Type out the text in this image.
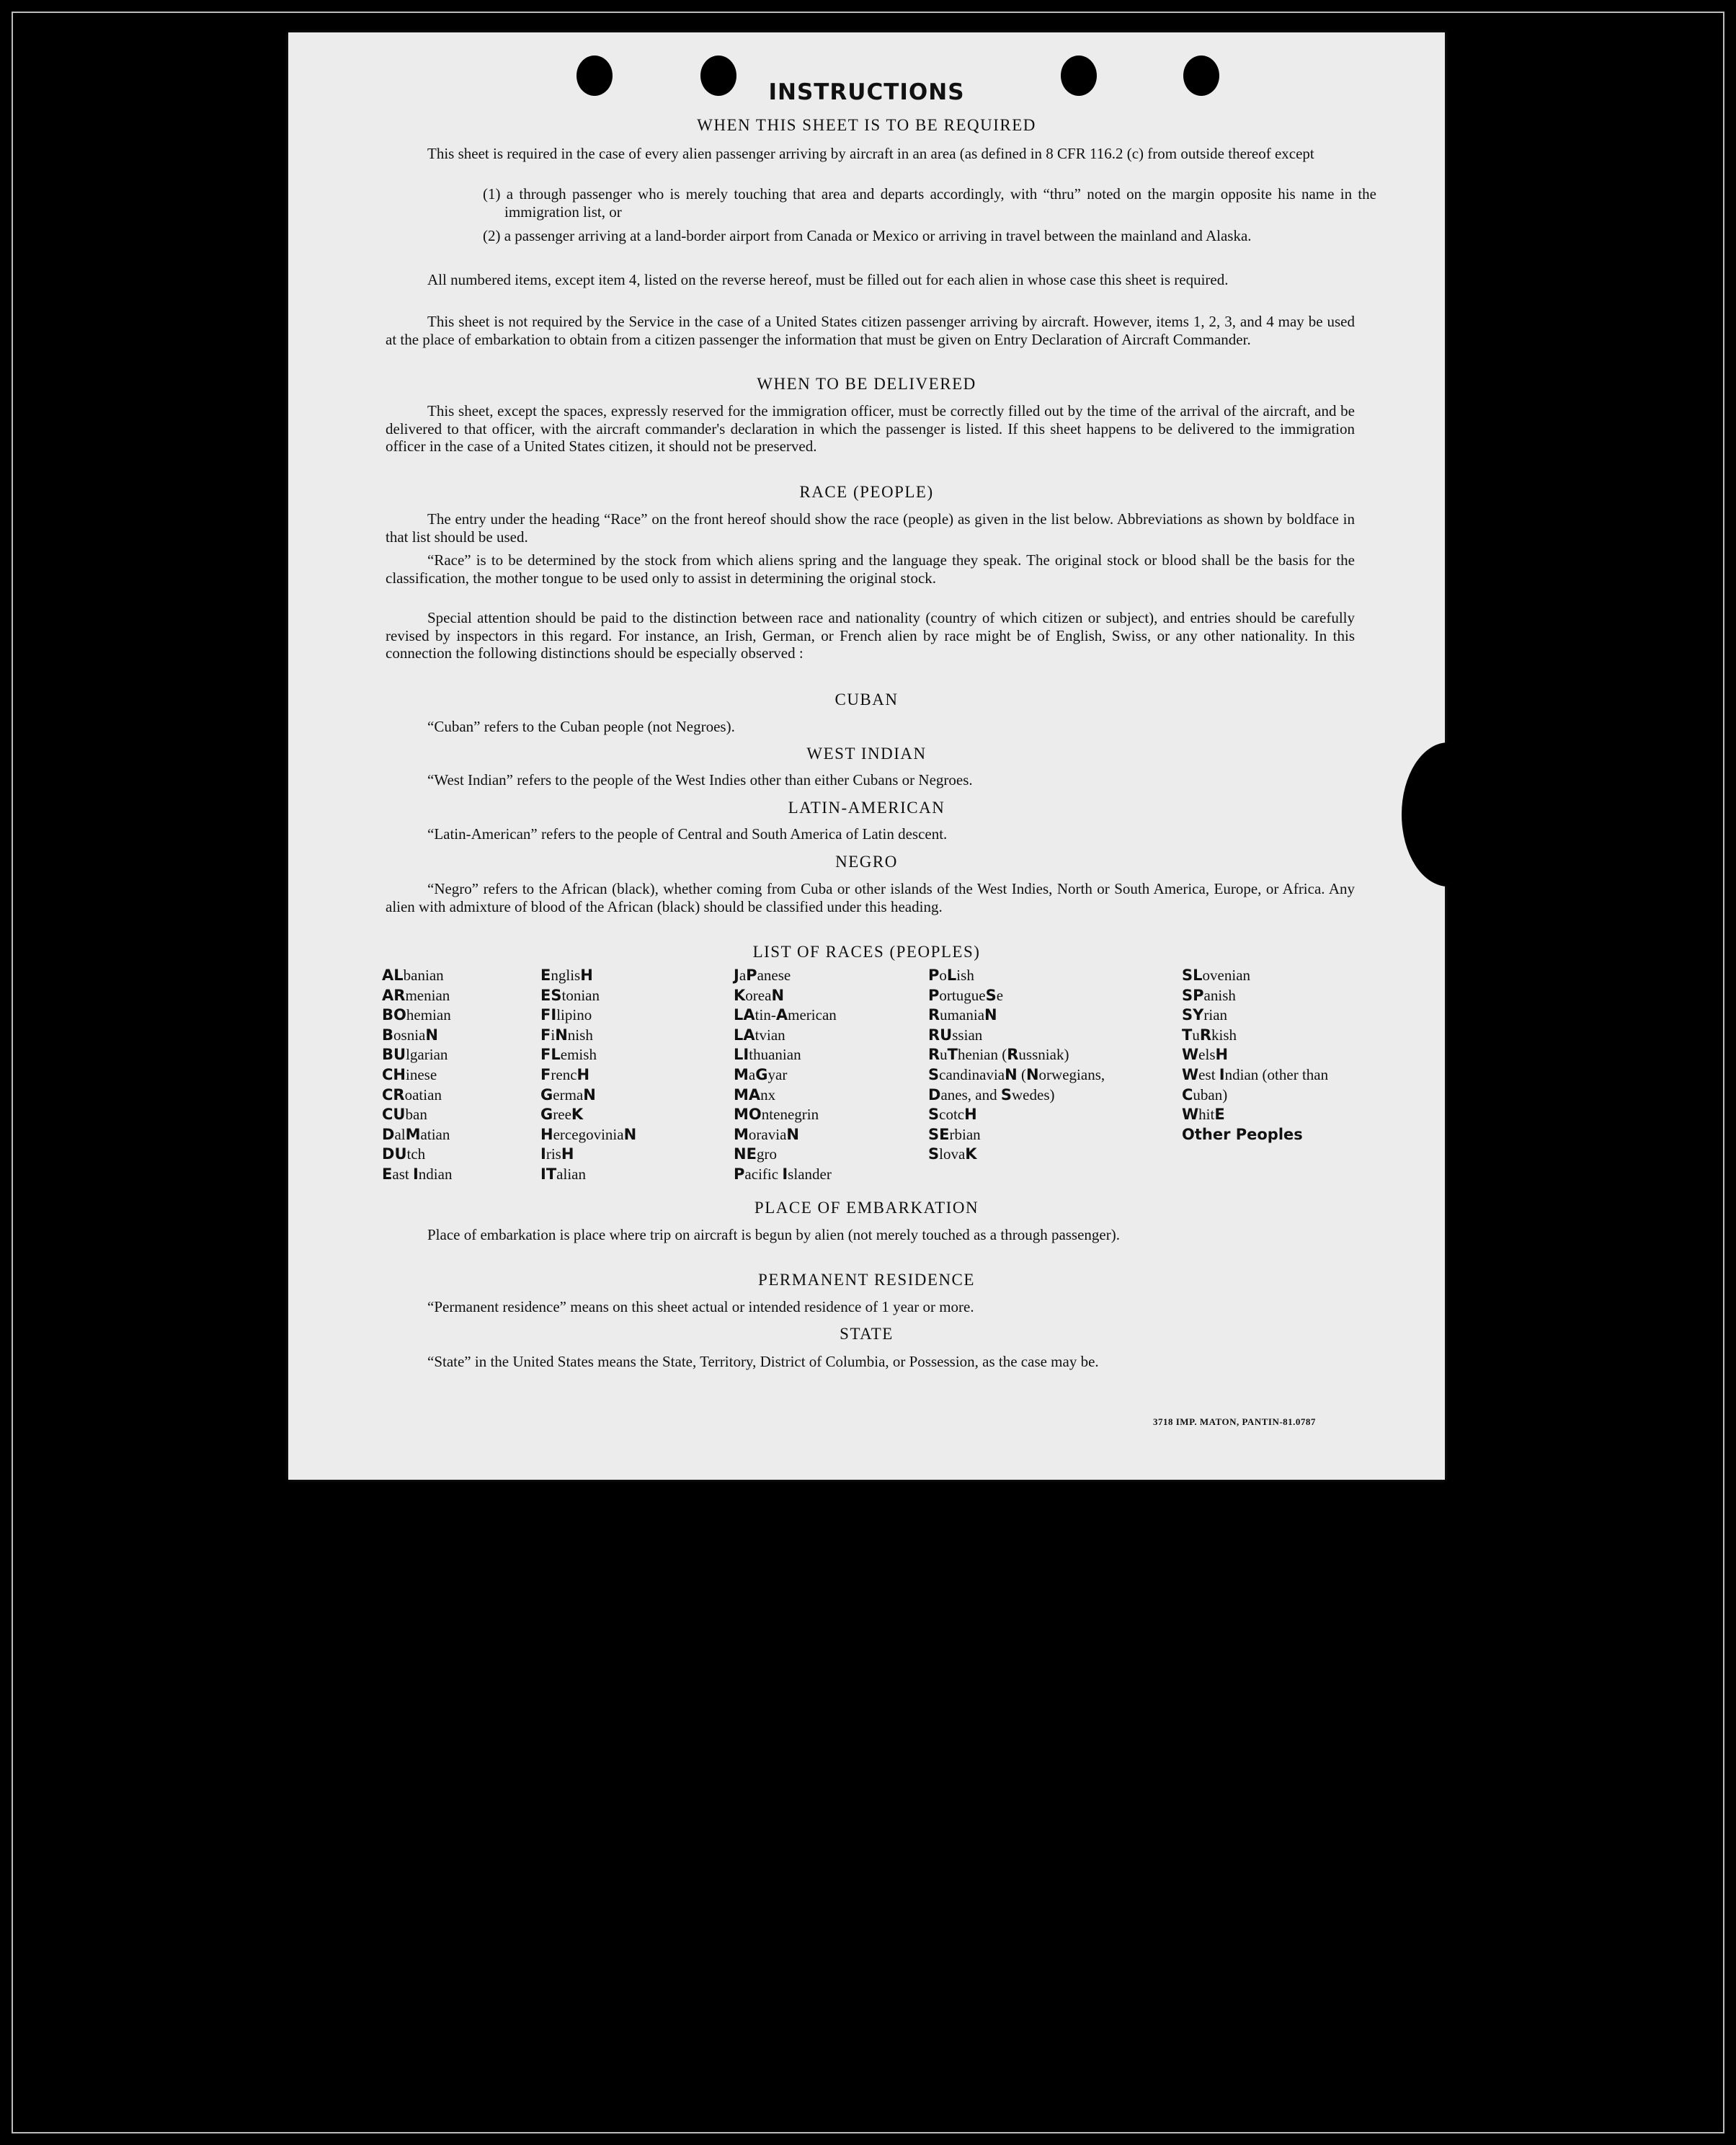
INSTRUCTIONS
WHEN THIS SHEET IS TO BE REQUIRED
This sheet is required in the case of every alien passenger arriving by aircraft in an area (as defined in 8 CFR 116.2 (c) from outside thereof except
(1) a through passenger who is merely touching that area and departs accordingly, with “thru” noted on the margin opposite his name in the immigration list, or
(2) a passenger arriving at a land-border airport from Canada or Mexico or arriving in travel between the mainland and Alaska.
All numbered items, except item 4, listed on the reverse hereof, must be filled out for each alien in whose case this sheet is required.
This sheet is not required by the Service in the case of a United States citizen passenger arriving by aircraft. However, items 1, 2, 3, and 4 may be used at the place of embarkation to obtain from a citizen passenger the information that must be given on Entry Declaration of Aircraft Commander.
WHEN TO BE DELIVERED
This sheet, except the spaces, expressly reserved for the immigration officer, must be correctly filled out by the time of the arrival of the aircraft, and be delivered to that officer, with the aircraft commander's declaration in which the passenger is listed. If this sheet happens to be delivered to the immigration officer in the case of a United States citizen, it should not be preserved.
RACE (PEOPLE)
The entry under the heading “Race” on the front hereof should show the race (people) as given in the list below. Abbreviations as shown by boldface in that list should be used.
“Race” is to be determined by the stock from which aliens spring and the language they speak. The original stock or blood shall be the basis for the classification, the mother tongue to be used only to assist in determining the original stock.
Special attention should be paid to the distinction between race and nationality (country of which citizen or subject), and entries should be carefully revised by inspectors in this regard. For instance, an Irish, German, or French alien by race might be of English, Swiss, or any other nationality. In this connection the following distinctions should be especially observed :
CUBAN
“Cuban” refers to the Cuban people (not Negroes).
WEST INDIAN
“West Indian” refers to the people of the West Indies other than either Cubans or Negroes.
LATIN-AMERICAN
“Latin-American” refers to the people of Central and South America of Latin descent.
NEGRO
“Negro” refers to the African (black), whether coming from Cuba or other islands of the West Indies, North or South America, Europe, or Africa. Any alien with admixture of blood of the African (black) should be classified under this heading.
LIST OF RACES (PEOPLES)
ALbanian
ARmenian
BOhemian
BosniaN
BUlgarian
CHinese
CRoatian
CUban
DalMatian
DUtch
East Indian
EnglisH
EStonian
FIlipino
FiNnish
FLemish
FrencH
GermaN
GreeK
HercegoviniaN
IrisH
ITalian
JaPanese
KoreaN
LAtin-American
LAtvian
LIthuanian
MaGyar
MAnx
MOntenegrin
MoraviaN
NEgro
Pacific Islander
PoLish
PortugueSe
RumaniaN
RUssian
RuThenian (Russniak)
ScandinaviaN (Norwegians, Danes, and Swedes)
ScotcH
SErbian
SlovaK
SLovenian
SPanish
SYrian
TuRkish
WelsH
West Indian (other than Cuban)
WhitE
Other Peoples
PLACE OF EMBARKATION
Place of embarkation is place where trip on aircraft is begun by alien (not merely touched as a through passenger).
PERMANENT RESIDENCE
“Permanent residence” means on this sheet actual or intended residence of 1 year or more.
STATE
“State” in the United States means the State, Territory, District of Columbia, or Possession, as the case may be.
3718 IMP. MATON, PANTIN-81.0787
